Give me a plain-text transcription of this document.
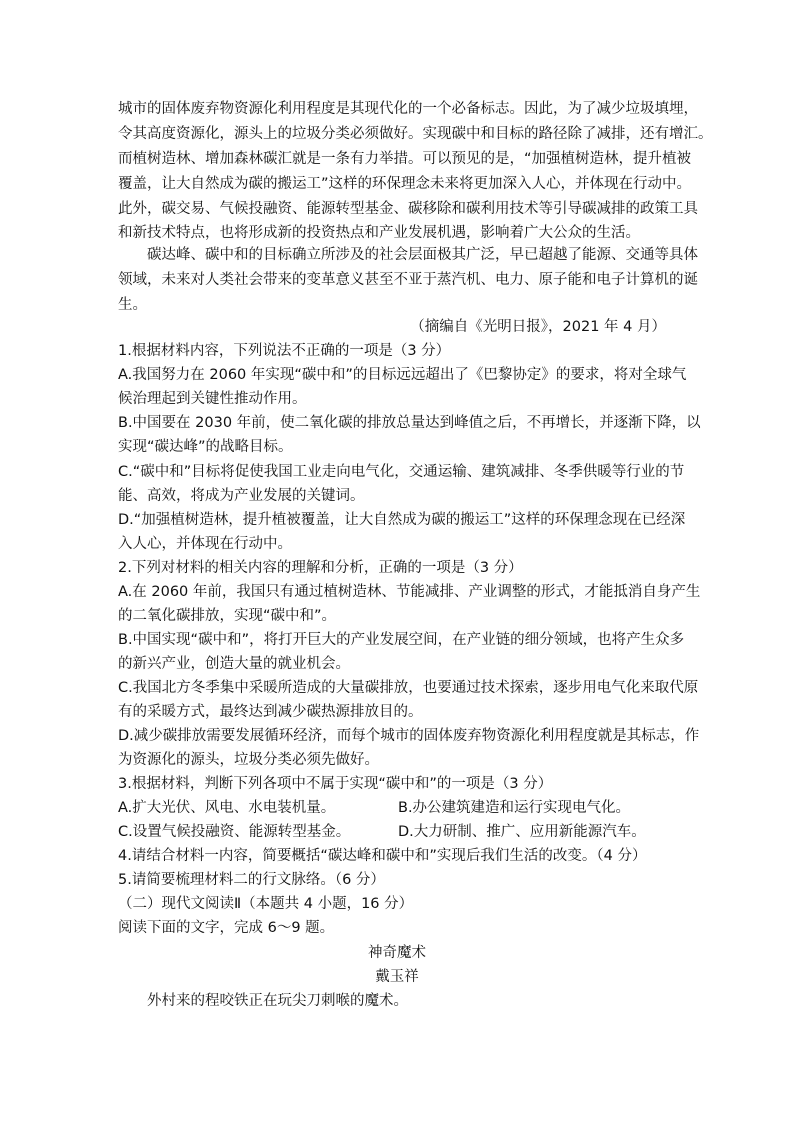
城市的固体废弃物资源化利用程度是其现代化的一个必备标志。因此，为了减少垃圾填埋，
令其高度资源化，源头上的垃圾分类必须做好。实现碳中和目标的路径除了减排，还有增汇。
而植树造林、增加森林碳汇就是一条有力举措。可以预见的是，“加强植树造林，提升植被
覆盖，让大自然成为碳的搬运工”这样的环保理念未来将更加深入人心，并体现在行动中。
此外，碳交易、气候投融资、能源转型基金、碳移除和碳利用技术等引导碳减排的政策工具
和新技术特点，也将形成新的投资热点和产业发展机遇，影响着广大公众的生活。
碳达峰、碳中和的目标确立所涉及的社会层面极其广泛，早已超越了能源、交通等具体
领域，未来对人类社会带来的变革意义甚至不亚于蒸汽机、电力、原子能和电子计算机的诞
生。
（摘编自《光明日报》，2021 年 4 月）
1.根据材料内容，下列说法不正确的一项是（3 分）
A.我国努力在 2060 年实现“碳中和”的目标远远超出了《巴黎协定》的要求，将对全球气
候治理起到关键性推动作用。
B.中国要在 2030 年前，使二氧化碳的排放总量达到峰值之后，不再增长，并逐渐下降，以
实现“碳达峰”的战略目标。
C.“碳中和”目标将促使我国工业走向电气化，交通运输、建筑减排、冬季供暖等行业的节
能、高效，将成为产业发展的关键词。
D.“加强植树造林，提升植被覆盖，让大自然成为碳的搬运工”这样的环保理念现在已经深
入人心，并体现在行动中。
2.下列对材料的相关内容的理解和分析，正确的一项是（3 分）
A.在 2060 年前，我国只有通过植树造林、节能减排、产业调整的形式，才能抵消自身产生
的二氧化碳排放，实现“碳中和”。
B.中国实现“碳中和”，将打开巨大的产业发展空间，在产业链的细分领域，也将产生众多
的新兴产业，创造大量的就业机会。
C.我国北方冬季集中采暖所造成的大量碳排放，也要通过技术探索，逐步用电气化来取代原
有的采暖方式，最终达到减少碳热源排放目的。
D.减少碳排放需要发展循环经济，而每个城市的固体废弃物资源化利用程度就是其标志，作
为资源化的源头，垃圾分类必须先做好。
3.根据材料，判断下列各项中不属于实现“碳中和”的一项是（3 分）
A.扩大光伏、风电、水电装机量。	B.办公建筑建造和运行实现电气化。
C.设置气候投融资、能源转型基金。	D.大力研制、推广、应用新能源汽车。
4.请结合材料一内容，简要概括“碳达峰和碳中和”实现后我们生活的改变。（4 分）
5.请简要梳理材料二的行文脉络。（6 分）
（二）现代文阅读Ⅱ（本题共 4 小题，16 分）
阅读下面的文字，完成 6～9 题。
神奇魔术
戴玉祥
外村来的程咬铁正在玩尖刀刺喉的魔术。
